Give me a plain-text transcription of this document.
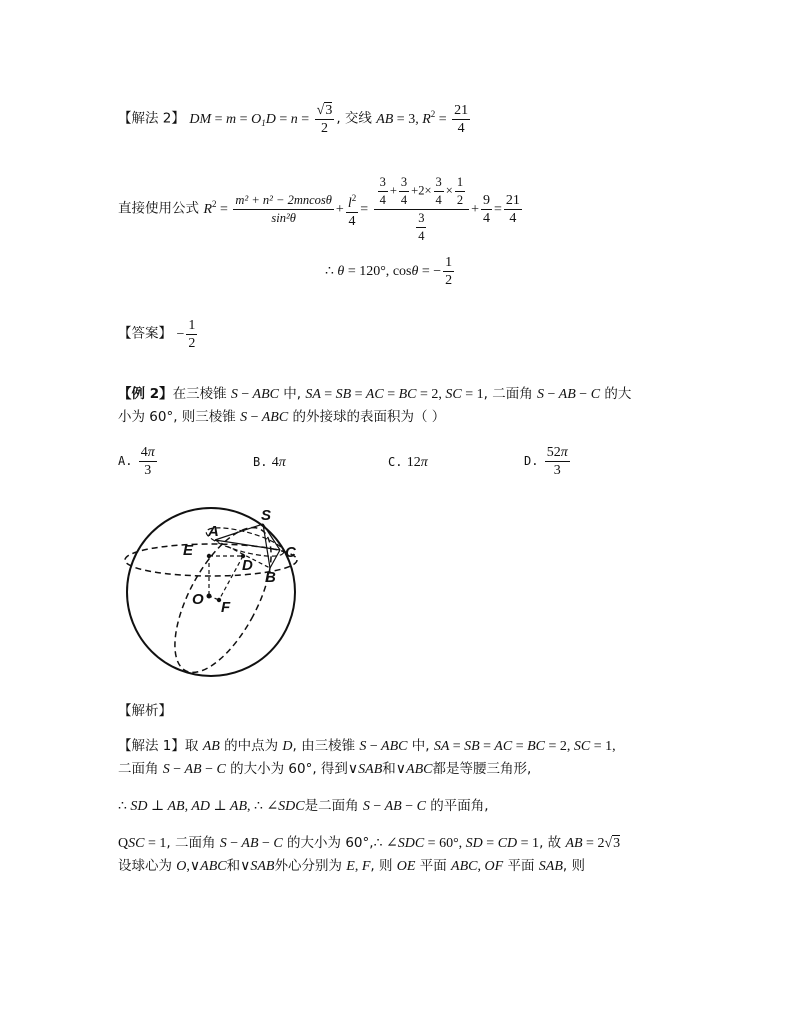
【解法 2】 DM = $m = O_1D = n = \frac{√3}{2}$ , 交线 AB = 3, $R^2 = \frac{21}{4}$
直接使用公式 $R^2 = \frac{\text{m² + n² − 2mncosθ}}{\text{sin²θ}} + \frac{l^2}{4} = \frac{\frac{3}{4} + \frac{3}{4} +2\times \frac{3}{4} \times \frac{1}{2}}{\frac{3}{4}} + \frac{9}{4} = \frac{21}{4}$
∴ θ = 120°, cosθ = − $\frac{1}{2}$
【答案】 − $\frac{1}{2}$
【例 2】在三棱锥 S − ABC 中, SA = SB = AC = BC = 2, SC = 1, 二面角 S − AB − C 的大
小为 60°, 则三棱锥 S − ABC 的外接球的表面积为（ ）
A. $\frac{4\pi}{3}$	B. 4π	C. 12π	D. $\frac{52\pi}{3}$
S
A
E	C
D
B
O F
【解析】
【解法 1】取 AB 的中点为 D, 由三棱锥 S − ABC 中, SA = SB = AC = BC = 2, SC = 1,
二面角 S − AB − C 的大小为 60°, 得到∨SAB和∨ABC都是等腰三角形,
∴ SD ⊥ AB, AD ⊥ AB, ∴ ∠SDC是二面角 S − AB − C 的平面角,
QSC = 1, 二面角 S − AB − C 的大小为 60°,∴ ∠SDC = 60°, SD = CD = 1, 故 AB = 2√3
设球心为 O,∨ABC和∨SAB外心分别为 E, F, 则 OE 平面 ABC, OF 平面 SAB, 则
